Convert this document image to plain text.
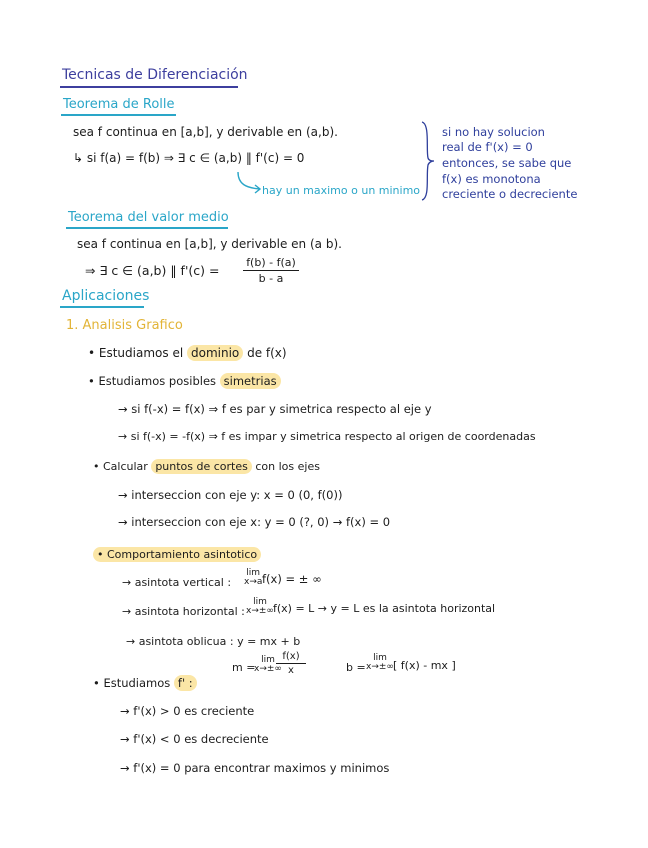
Tecnicas de Diferenciación
Teorema de Rolle
sea f continua en [a,b], y derivable en (a,b).
↳ si f(a) = f(b) ⇒ ∃ c ∈ (a,b) ‖ f'(c) = 0
hay un maximo o un minimo
si no hay solucion
real de f'(x) = 0
entonces, se sabe que
f(x) es monotona
creciente o decreciente
Teorema del valor medio
sea f continua en [a,b], y derivable en (a b).
⇒ ∃ c ∈ (a,b) ‖ $f'(c) = \frac{f(b) - f(a)}{b - a}$
Aplicaciones
1. Analisis Grafico
• Estudiamos el dominio de f(x)
• Estudiamos posibles simetrias
→ si f(-x) = f(x) ⇒ f es par y simetrica respecto al eje y
→ si f(-x) = -f(x) ⇒ f es impar y simetrica respecto al origen de coordenadas
• Calcular puntos de cortes con los ejes
→ interseccion con eje y: x = 0 (0, f(0))
→ interseccion con eje x: y = 0 (?, 0) → f(x) = 0
• Comportamiento asintotico
→ asintota vertical :
lim
x→a f(x) = ± ∞
→ asintota horizontal :
lim
x→±∞ f(x) = L → y = L es la asintota horizontal
→ asintota oblicua : y = mx + b
m =
lim
x→±∞
$\frac{f(x)}{x}$	b =
lim
x→±∞ [ f(x) - mx ]
• Estudiamos f' :
→ f'(x) > 0 es creciente
→ f'(x) < 0 es decreciente
→ f'(x) = 0 para encontrar maximos y minimos
